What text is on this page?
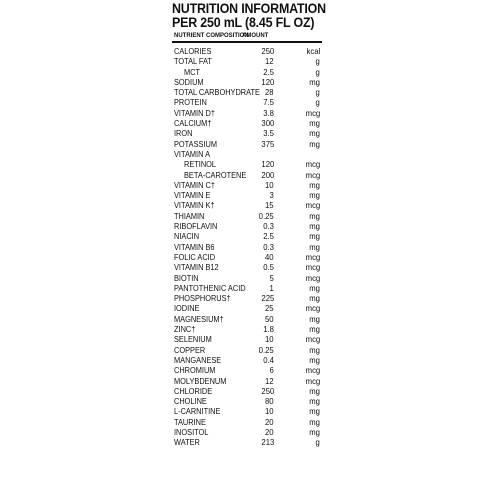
NUTRITION INFORMATION
PER 250 mL (8.45 FL OZ)
NUTRIENT COMPOSITION
AMOUNT
CALORIES	250	kcal
TOTAL FAT	12	g
MCT	2.5	g
SODIUM	120	mg
TOTAL CARBOHYDRATE 28	g
PROTEIN	7.5	g
VITAMIN D†	3.8	mcg
CALCIUM†	300	mg
IRON	3.5	mg
POTASSIUM	375	mg
VITAMIN A
RETINOL	120	mcg
BETA-CAROTENE 200	mcg
VITAMIN C†	10	mg
VITAMIN E	3	mg
VITAMIN K†	15	mcg
THIAMIN	0.25	mg
RIBOFLAVIN	0.3	mg
NIACIN	2.5	mg
VITAMIN B6	0.3	mg
FOLIC ACID	40	mcg
VITAMIN B12	0.5	mcg
BIOTIN	5	mcg
PANTOTHENIC ACID	1	mg
PHOSPHORUS†	225	mg
IODINE	25	mcg
MAGNESIUM†	50	mg
ZINC†	1.8	mg
SELENIUM	10	mcg
COPPER	0.25	mg
MANGANESE	0.4	mg
CHROMIUM	6	mcg
MOLYBDENUM	12	mcg
CHLORIDE	250	mg
CHOLINE	80	mg
L-CARNITINE	10	mg
TAURINE	20	mg
INOSITOL	20	mg
WATER	213	g
